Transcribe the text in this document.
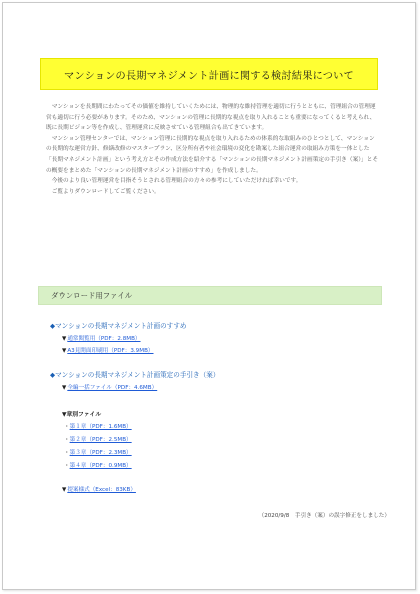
マンションの長期マネジメント計画に関する検討結果について

マンションを長期間にわたってその価値を維持していくためには、物理的な維持管理を適切に行うとともに、管理組合の管理運営も適切に行う必要があります。そのため、マンションの管理に長期的な視点を取り入れることも重要になってくると考えられ、既に長期ビジョン等を作成し、管理運営に反映させている管理組合も出てきています。

マンション管理センターでは、マンション管理に長期的な視点を取り入れるための体系的な取組みのひとつとして、マンションの長期的な運営方針、修繕改修のマスタープラン、区分所有者や社会環境の変化を勘案した組合運営の取組み方策を一体とした「長期マネジメント計画」という考え方とその作成方法を紹介する「マンションの長期マネジメント計画策定の手引き（案）」とその概要をまとめた「マンションの長期マネジメント計画のすすめ」を作成しました。

今後のより良い管理運営を目指そうとされる管理組合の方々の参考にしていただければ幸いです。

ご覧よりダウンロードしてご覧ください。

ダウンロード用ファイル
◆マンションの長期マネジメント計画のすすめ
▼通常閲覧用（PDF：2.8MB）
▼A3見開面印刷用（PDF：3.9MB）
◆マンションの長期マネジメント計画策定の手引き（案）
▼全編一括ファイル（PDF：4.6MB）
▼章別ファイル
・第１章（PDF：1.6MB）
・第２章（PDF：2.5MB）
・第３章（PDF：2.3MB）
・第４章（PDF：0.9MB）
▼提案様式（Excel：83KB）
（2020/9/8　手引き（案）の誤字修正をしました）
